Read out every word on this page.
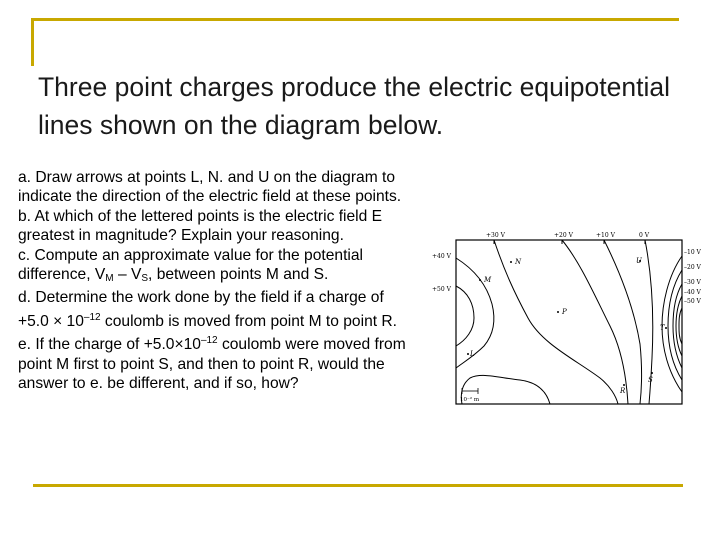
Three point charges produce the electric equipotential lines shown on the diagram below.
a. Draw arrows at points L, N. and U on the diagram to indicate the direction of the electric field at these points.
b. At which of the lettered points is the electric field E greatest in magnitude? Explain your reasoning.
c. Compute an approximate value for the potential difference, $V_M - V_S$, between points M and S.
d. Determine the work done by the field if a charge of $+5.0 \times 10^{-12}$ coulomb is moved from point M to point R.
e. If the charge of $+5.0\times 10^{-12}$ coulomb were moved from point M first to point S, and then to point R, would the answer to e. be different, and if so, how?
+30 V	+20 V	+10 V	0 V
+40 V
+50 V
–10 V
–20 V
–30 V
–40 V
–50 V
N
M
P
U
T
L
R
S
10⁻² m
